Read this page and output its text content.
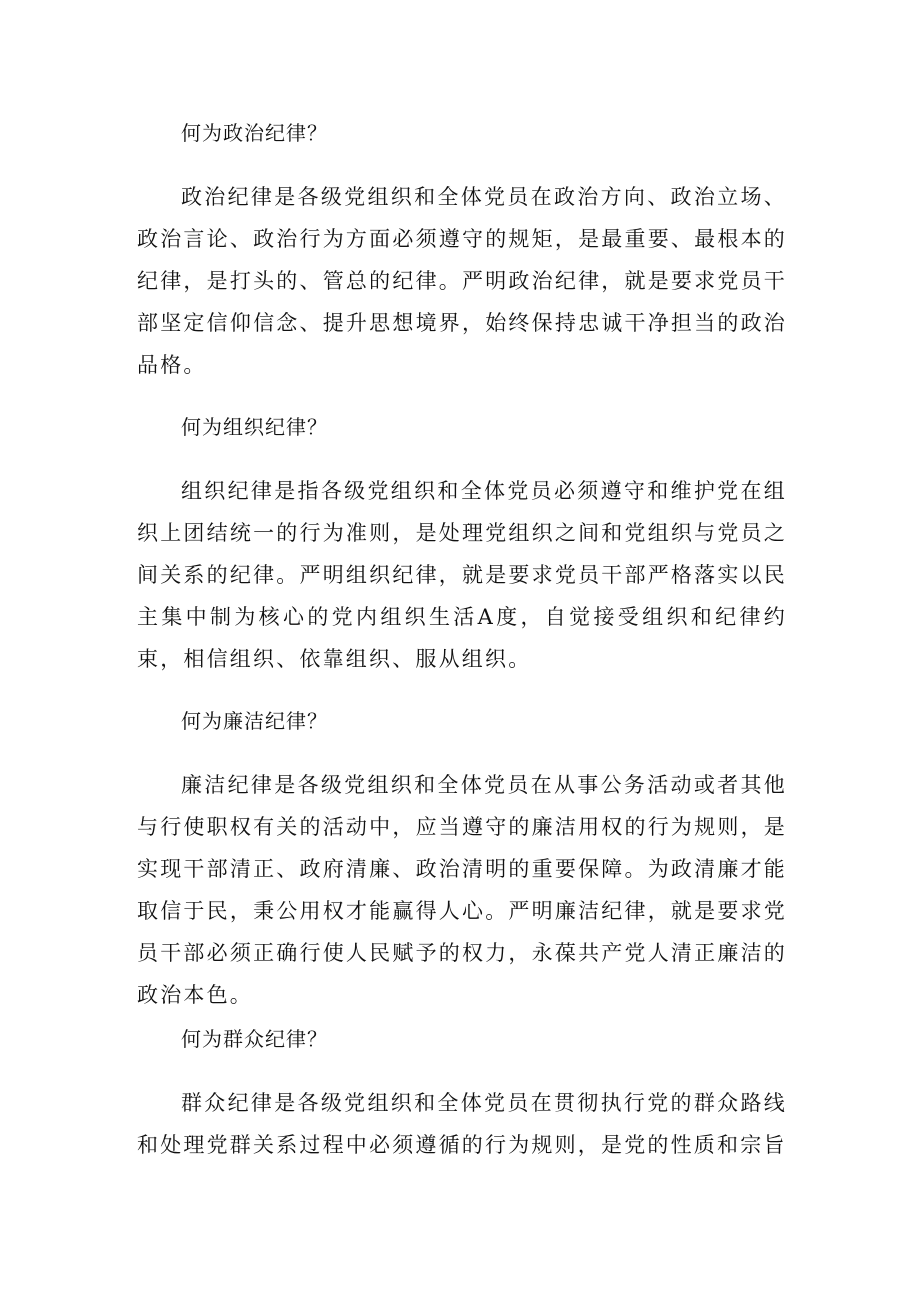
何为政治纪律？

政治纪律是各级党组织和全体党员在政治方向、政治立场、政治言论、政治行为方面必须遵守的规矩，是最重要、最根本的纪律，是打头的、管总的纪律。严明政治纪律，就是要求党员干部坚定信仰信念、提升思想境界，始终保持忠诚干净担当的政治品格。

何为组织纪律？

组织纪律是指各级党组织和全体党员必须遵守和维护党在组织上团结统一的行为准则，是处理党组织之间和党组织与党员之间关系的纪律。严明组织纪律，就是要求党员干部严格落实以民主集中制为核心的党内组织生活A度，自觉接受组织和纪律约束，相信组织、依靠组织、服从组织。

何为廉洁纪律？

廉洁纪律是各级党组织和全体党员在从事公务活动或者其他与行使职权有关的活动中，应当遵守的廉洁用权的行为规则，是实现干部清正、政府清廉、政治清明的重要保障。为政清廉才能取信于民，秉公用权才能赢得人心。严明廉洁纪律，就是要求党员干部必须正确行使人民赋予的权力，永葆共产党人清正廉洁的政治本色。

何为群众纪律？

群众纪律是各级党组织和全体党员在贯彻执行党的群众路线和处理党群关系过程中必须遵循的行为规则，是党的性质和宗旨
